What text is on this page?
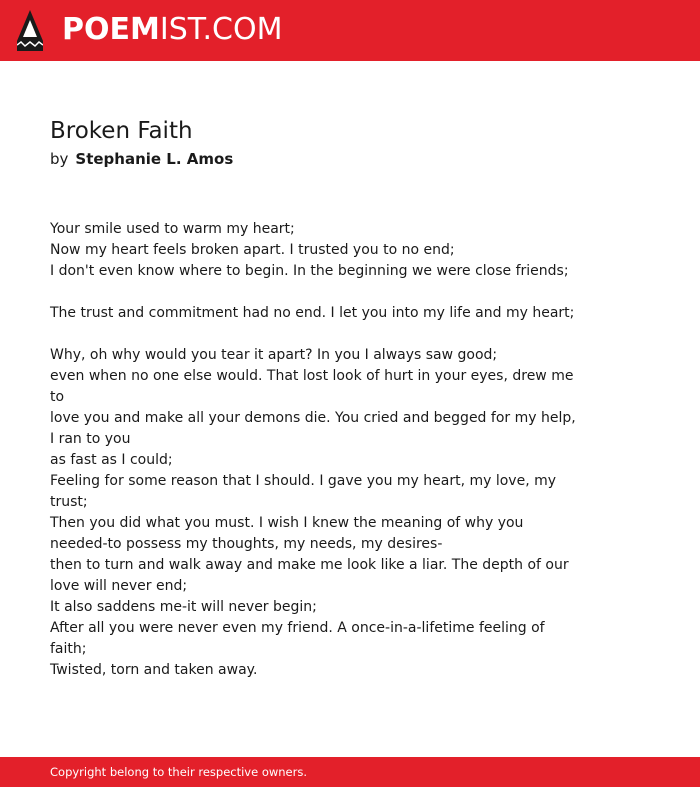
POEMIST.COM
Broken Faith
by Stephanie L. Amos
Your smile used to warm my heart;
Now my heart feels broken apart. I trusted you to no end;
I don't even know where to begin. In the beginning we were close friends;
The trust and commitment had no end. I let you into my life and my heart;
Why, oh why would you tear it apart? In you I always saw good;
even when no one else would. That lost look of hurt in your eyes, drew me to
love you and make all your demons die. You cried and begged for my help, I ran to you
as fast as I could;
Feeling for some reason that I should. I gave you my heart, my love, my trust;
Then you did what you must. I wish I knew the meaning of why you needed-to possess my thoughts, my needs, my desires-
then to turn and walk away and make me look like a liar. The depth of our love will never end;
It also saddens me-it will never begin;
After all you were never even my friend. A once-in-a-lifetime feeling of faith;
Twisted, torn and taken away.
Copyright belong to their respective owners.
